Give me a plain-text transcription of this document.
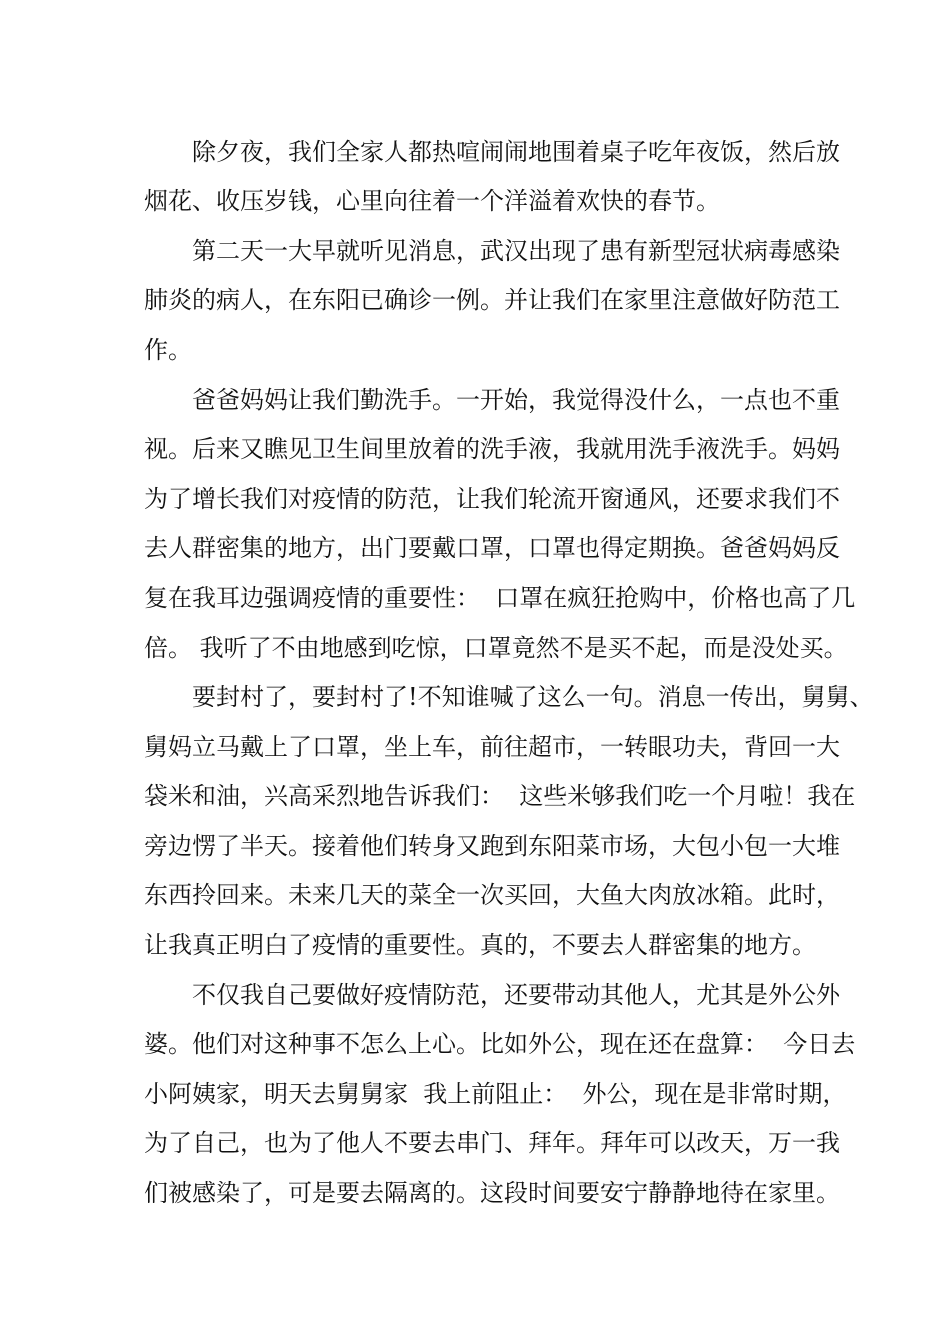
除夕夜，我们全家人都热喧闹闹地围着桌子吃年夜饭，然后放
烟花、收压岁钱，心里向往着一个洋溢着欢快的春节。
第二天一大早就听见消息，武汉出现了患有新型冠状病毒感染
肺炎的病人，在东阳已确诊一例。并让我们在家里注意做好防范工
作。
爸爸妈妈让我们勤洗手。一开始，我觉得没什么，一点也不重
视。后来又瞧见卫生间里放着的洗手液，我就用洗手液洗手。妈妈
为了增长我们对疫情的防范，让我们轮流开窗通风，还要求我们不
去人群密集的地方，出门要戴口罩，口罩也得定期换。爸爸妈妈反
复在我耳边强调疫情的重要性：  口罩在疯狂抢购中，价格也高了几
倍。 我听了不由地感到吃惊，口罩竟然不是买不起，而是没处买。
要封村了，要封村了!不知谁喊了这么一句。消息一传出，舅舅、
舅妈立马戴上了口罩，坐上车，前往超市，一转眼功夫，背回一大
袋米和油，兴高采烈地告诉我们：  这些米够我们吃一个月啦！我在
旁边愣了半天。接着他们转身又跑到东阳菜市场，大包小包一大堆
东西拎回来。未来几天的菜全一次买回，大鱼大肉放冰箱。此时，
让我真正明白了疫情的重要性。真的，不要去人群密集的地方。
不仅我自己要做好疫情防范，还要带动其他人，尤其是外公外
婆。他们对这种事不怎么上心。比如外公，现在还在盘算：  今日去
小阿姨家，明天去舅舅家  我上前阻止：  外公，现在是非常时期，
为了自己，也为了他人不要去串门、拜年。拜年可以改天，万一我
们被感染了，可是要去隔离的。这段时间要安宁静静地待在家里。
